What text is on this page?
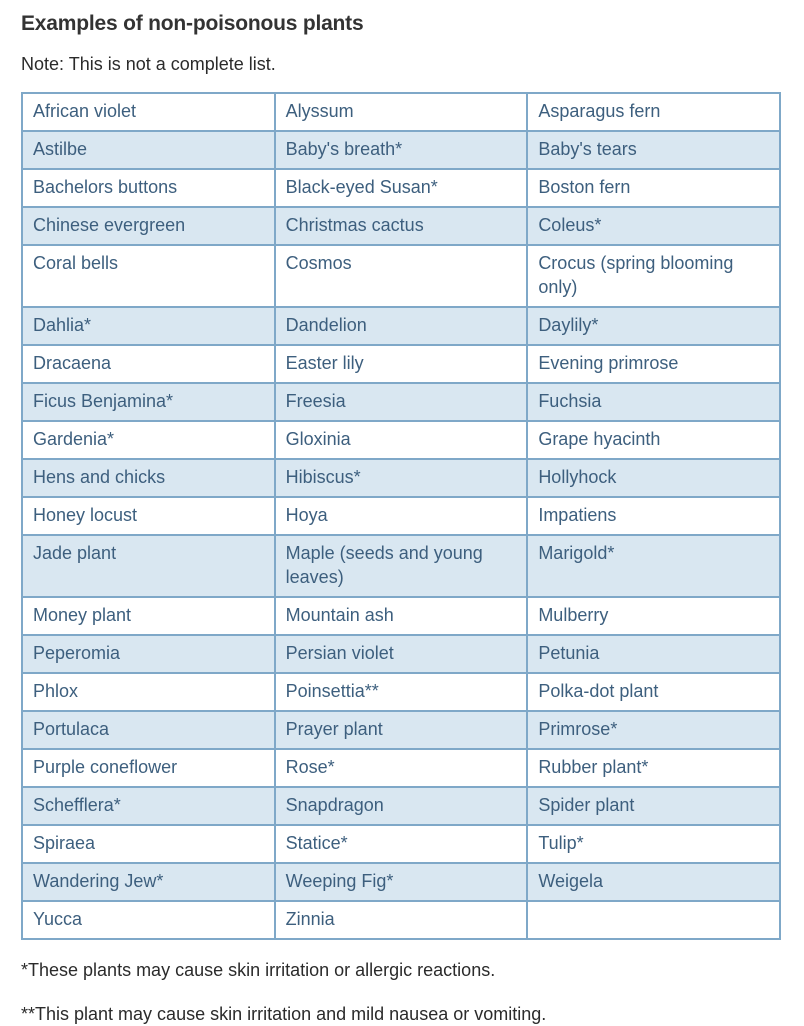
Examples of non-poisonous plants

Note: This is not a complete list.

African violet	Alyssum	Asparagus fern
Astilbe	Baby's breath*	Baby's tears
Bachelors buttons	Black-eyed Susan*	Boston fern
Chinese evergreen	Christmas cactus	Coleus*
Coral bells	Cosmos	Crocus (spring blooming only)
Dahlia*	Dandelion	Daylily*
Dracaena	Easter lily	Evening primrose
Ficus Benjamina*	Freesia	Fuchsia
Gardenia*	Gloxinia	Grape hyacinth
Hens and chicks	Hibiscus*	Hollyhock
Honey locust	Hoya	Impatiens
Jade plant	Maple (seeds and young leaves)	Marigold*
Money plant	Mountain ash	Mulberry
Peperomia	Persian violet	Petunia
Phlox	Poinsettia**	Polka-dot plant
Portulaca	Prayer plant	Primrose*
Purple coneflower	Rose*	Rubber plant*
Schefflera*	Snapdragon	Spider plant
Spiraea	Statice*	Tulip*
Wandering Jew*	Weeping Fig*	Weigela
Yucca	Zinnia	

*These plants may cause skin irritation or allergic reactions.

**This plant may cause skin irritation and mild nausea or vomiting.
